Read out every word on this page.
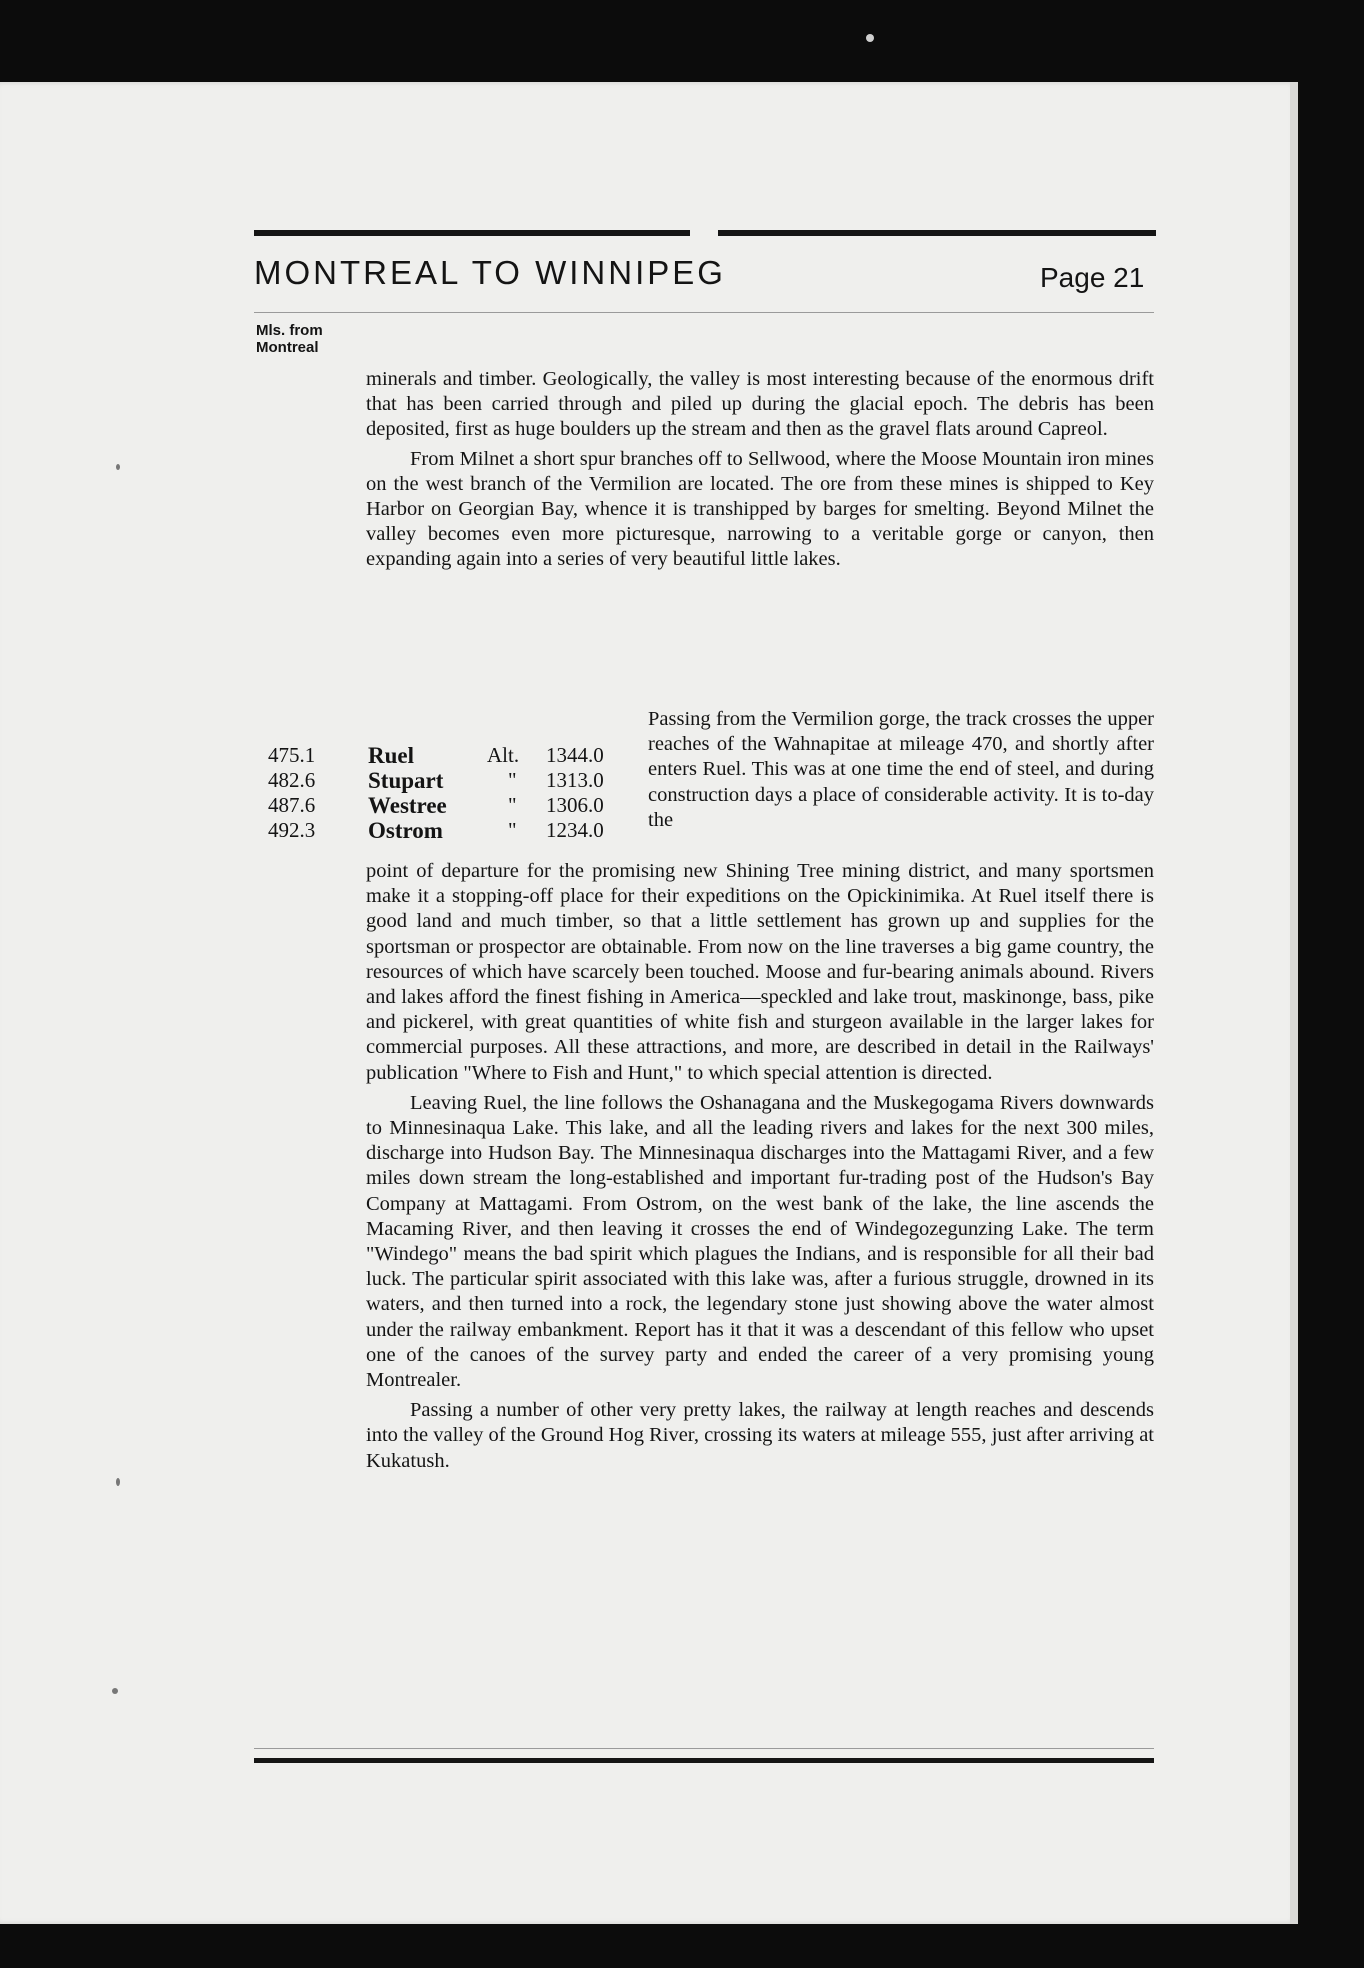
MONTREAL TO WINNIPEG	Page 21
Mls. from
Montreal

minerals and timber. Geologically, the valley is most interesting because of the enormous drift that has been carried through and piled up during the glacial epoch. The debris has been deposited, first as huge boulders up the stream and then as the gravel flats around Capreol.

From Milnet a short spur branches off to Sellwood, where the Moose Mountain iron mines on the west branch of the Vermilion are located. The ore from these mines is shipped to Key Harbor on Georgian Bay, whence it is transhipped by barges for smelting. Beyond Milnet the valley becomes even more picturesque, narrowing to a veritable gorge or canyon, then expanding again into a series of very beautiful little lakes.

Passing from the Vermilion gorge, the track crosses the upper reaches of the Wahnapitae at mileage 470, and shortly after enters Ruel. This was at one time the end of steel, and during construction days a place of considerable activity. It is to-day the

475.1 Ruel	Alt. 1344.0
482.6 Stupart	" 1313.0
487.6 Westree	" 1306.0
492.3 Ostrom	" 1234.0

point of departure for the promising new Shining Tree mining district, and many sportsmen make it a stopping-off place for their expeditions on the Opickinimika. At Ruel itself there is good land and much timber, so that a little settlement has grown up and supplies for the sportsman or prospector are obtainable. From now on the line traverses a big game country, the resources of which have scarcely been touched. Moose and fur-bearing animals abound. Rivers and lakes afford the finest fishing in America—speckled and lake trout, maskinonge, bass, pike and pickerel, with great quantities of white fish and sturgeon available in the larger lakes for commercial purposes. All these attractions, and more, are described in detail in the Railways' publication "Where to Fish and Hunt," to which special attention is directed.

Leaving Ruel, the line follows the Oshanagana and the Muskegogama Rivers downwards to Minnesinaqua Lake. This lake, and all the leading rivers and lakes for the next 300 miles, discharge into Hudson Bay. The Minnesinaqua discharges into the Mattagami River, and a few miles down stream the long-established and important fur-trading post of the Hudson's Bay Company at Mattagami. From Ostrom, on the west bank of the lake, the line ascends the Macaming River, and then leaving it crosses the end of Windegozegunzing Lake. The term "Windego" means the bad spirit which plagues the Indians, and is responsible for all their bad luck. The particular spirit associated with this lake was, after a furious struggle, drowned in its waters, and then turned into a rock, the legendary stone just showing above the water almost under the railway embankment. Report has it that it was a descendant of this fellow who upset one of the canoes of the survey party and ended the career of a very promising young Montrealer.

Passing a number of other very pretty lakes, the railway at length reaches and descends into the valley of the Ground Hog River, crossing its waters at mileage 555, just after arriving at Kukatush.
